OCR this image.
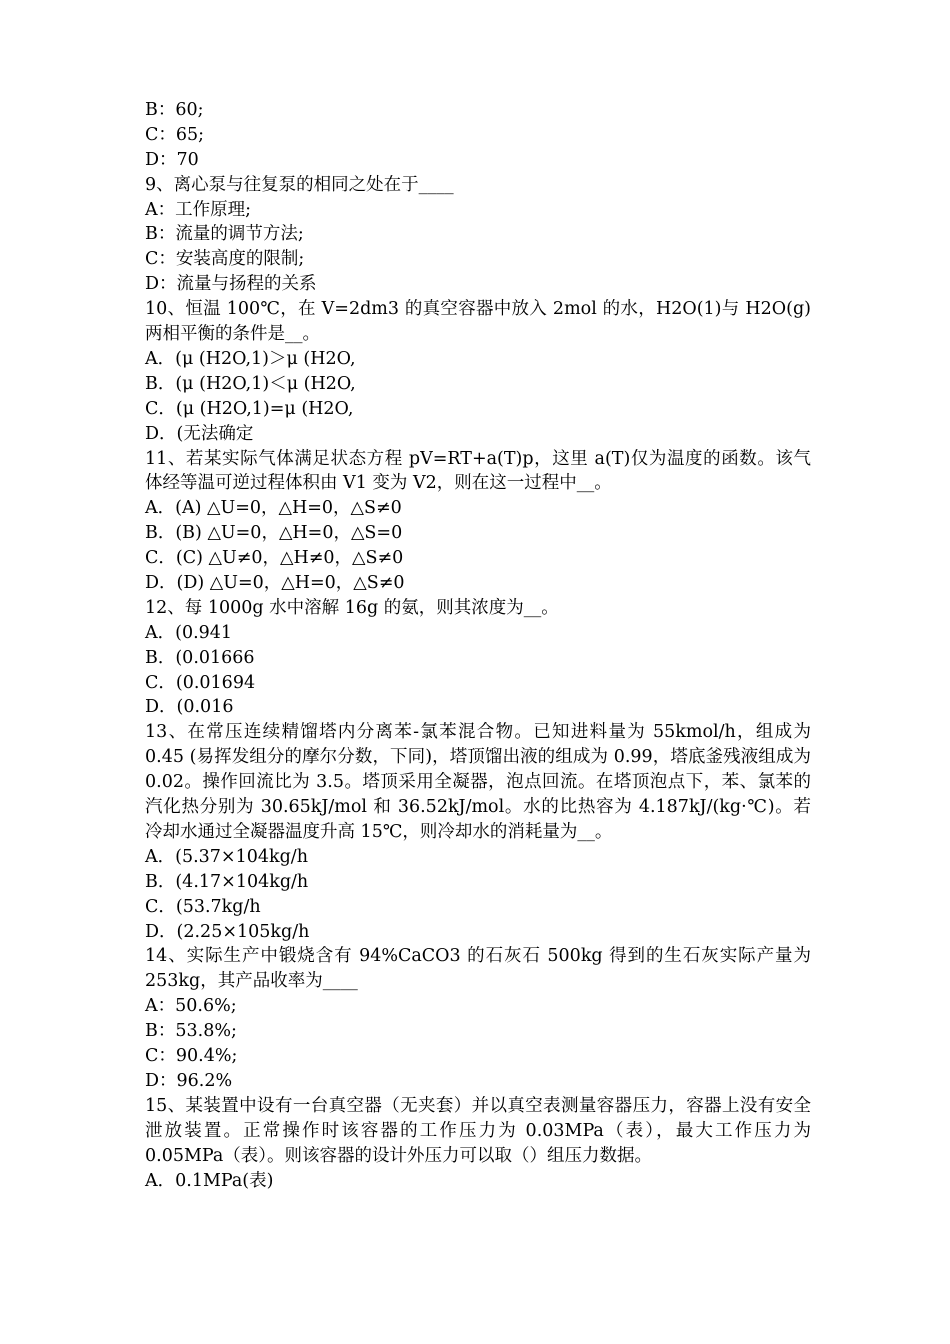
B：60;
C：65;
D：70
9、离心泵与往复泵的相同之处在于____
A：工作原理;
B：流量的调节方法;
C：安装高度的限制;
D：流量与扬程的关系
10、恒温 100℃，在 V=2dm3 的真空容器中放入 2mol 的水，H2O(1)与 H2O(g)两相平衡的条件是__。
A．(μ (H2O,1)＞μ (H2O,
B．(μ (H2O,1)＜μ (H2O,
C．(μ (H2O,1)=μ (H2O,
D．(无法确定
11、若某实际气体满足状态方程 pV=RT+a(T)p，这里 a(T)仅为温度的函数。该气体经等温可逆过程体积由 V1 变为 V2，则在这一过程中__。
A．(A) △U=0，△H=0，△S≠0
B．(B) △U=0，△H=0，△S=0
C．(C) △U≠0，△H≠0，△S≠0
D．(D) △U=0，△H=0，△S≠0
12、每 1000g 水中溶解 16g 的氨，则其浓度为__。
A．(0.941
B．(0.01666
C．(0.01694
D．(0.016
13、在常压连续精馏塔内分离苯-氯苯混合物。已知进料量为 55kmol/h，组成为 0.45 (易挥发组分的摩尔分数，下同)，塔顶馏出液的组成为 0.99，塔底釜残液组成为 0.02。操作回流比为 3.5。塔顶采用全凝器，泡点回流。在塔顶泡点下，苯、氯苯的汽化热分别为 30.65kJ/mol 和 36.52kJ/mol。水的比热容为 4.187kJ/(kg·℃)。若冷却水通过全凝器温度升高 15℃，则冷却水的消耗量为__。
A．(5.37×104kg/h
B．(4.17×104kg/h
C．(53.7kg/h
D．(2.25×105kg/h
14、实际生产中锻烧含有 94%CaCO3 的石灰石 500kg 得到的生石灰实际产量为 253kg，其产品收率为____
A：50.6%;
B：53.8%;
C：90.4%;
D：96.2%
15、某装置中设有一台真空器（无夹套）并以真空表测量容器压力，容器上没有安全泄放装置。正常操作时该容器的工作压力为 0.03MPa（表），最大工作压力为 0.05MPa（表）。则该容器的设计外压力可以取（）组压力数据。
A．0.1MPa(表)
